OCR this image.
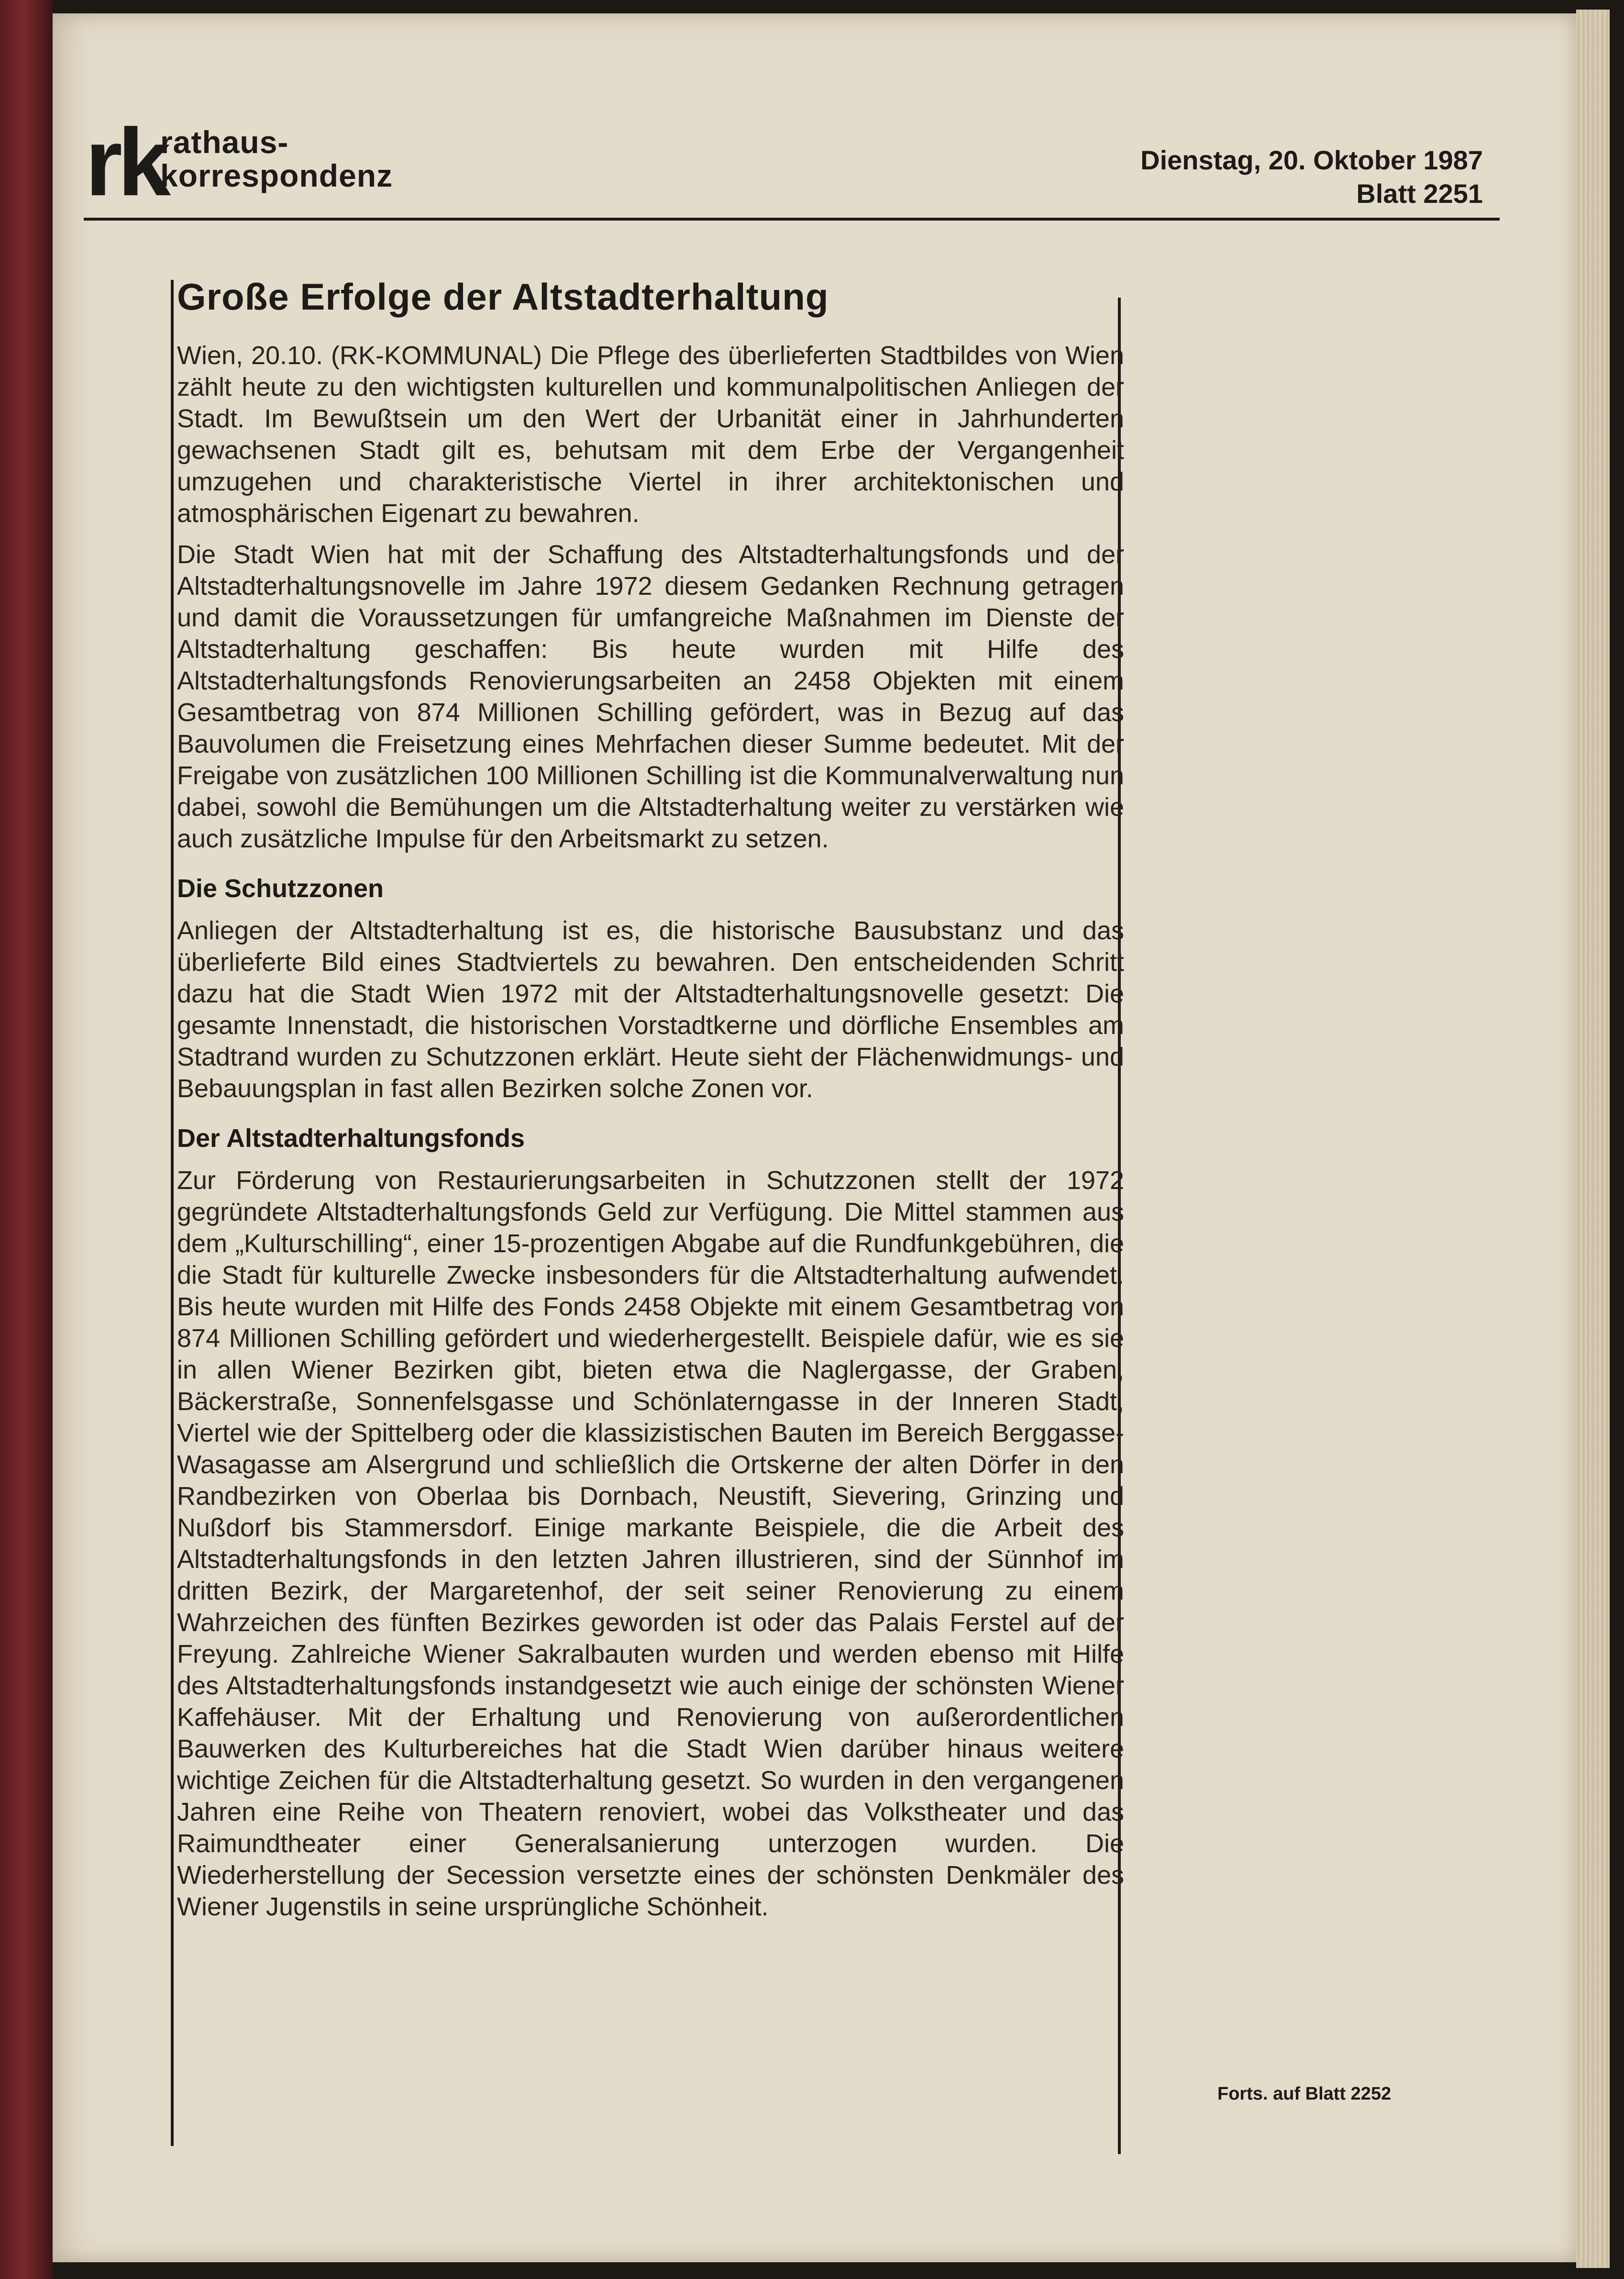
rk
rathaus-
korrespondenz	Dienstag, 20. Oktober 1987
Blatt 2251
Große Erfolge der Altstadterhaltung

Wien, 20.10. (RK-KOMMUNAL) Die Pflege des überlieferten Stadtbildes von Wien zählt heute zu den wichtigsten kulturellen und kommunalpolitischen Anliegen der Stadt. Im Bewußtsein um den Wert der Urbanität einer in Jahrhunderten gewachsenen Stadt gilt es, behutsam mit dem Erbe der Vergangenheit umzugehen und charakteristische Viertel in ihrer architektonischen und atmosphärischen Eigenart zu bewahren.

Die Stadt Wien hat mit der Schaffung des Altstadterhaltungsfonds und der Altstadterhaltungsnovelle im Jahre 1972 diesem Gedanken Rechnung getragen und damit die Voraussetzungen für umfangreiche Maßnahmen im Dienste der Altstadterhaltung geschaffen: Bis heute wurden mit Hilfe des Altstadterhaltungsfonds Renovierungsarbeiten an 2458 Objekten mit einem Gesamtbetrag von 874 Millionen Schilling gefördert, was in Bezug auf das Bauvolumen die Freisetzung eines Mehrfachen dieser Summe bedeutet. Mit der Freigabe von zusätzlichen 100 Millionen Schilling ist die Kommunalverwaltung nun dabei, sowohl die Bemühungen um die Altstadterhaltung weiter zu verstärken wie auch zusätzliche Impulse für den Arbeitsmarkt zu setzen.

Die Schutzzonen

Anliegen der Altstadterhaltung ist es, die historische Bausubstanz und das überlieferte Bild eines Stadtviertels zu bewahren. Den entscheidenden Schritt dazu hat die Stadt Wien 1972 mit der Altstadterhaltungsnovelle gesetzt: Die gesamte Innenstadt, die historischen Vorstadtkerne und dörfliche Ensembles am Stadtrand wurden zu Schutzzonen erklärt. Heute sieht der Flächenwidmungs- und Bebauungsplan in fast allen Bezirken solche Zonen vor.

Der Altstadterhaltungsfonds

Zur Förderung von Restaurierungsarbeiten in Schutzzonen stellt der 1972 gegründete Altstadterhaltungsfonds Geld zur Verfügung. Die Mittel stammen aus dem „Kulturschilling“, einer 15-prozentigen Abgabe auf die Rundfunkgebühren, die die Stadt für kulturelle Zwecke insbesonders für die Altstadterhaltung aufwendet. Bis heute wurden mit Hilfe des Fonds 2458 Objekte mit einem Gesamtbetrag von 874 Millionen Schilling gefördert und wiederhergestellt. Beispiele dafür, wie es sie in allen Wiener Bezirken gibt, bieten etwa die Naglergasse, der Graben, Bäckerstraße, Sonnenfelsgasse und Schönlaterngasse in der Inneren Stadt, Viertel wie der Spittelberg oder die klassizistischen Bauten im Bereich Berggasse-Wasagasse am Alsergrund und schließlich die Ortskerne der alten Dörfer in den Randbezirken von Oberlaa bis Dornbach, Neustift, Sievering, Grinzing und Nußdorf bis Stammersdorf. Einige markante Beispiele, die die Arbeit des Altstadterhaltungsfonds in den letzten Jahren illustrieren, sind der Sünnhof im dritten Bezirk, der Margaretenhof, der seit seiner Renovierung zu einem Wahrzeichen des fünften Bezirkes geworden ist oder das Palais Ferstel auf der Freyung. Zahlreiche Wiener Sakralbauten wurden und werden ebenso mit Hilfe des Altstadterhaltungsfonds instandgesetzt wie auch einige der schönsten Wiener Kaffehäuser. Mit der Erhaltung und Renovierung von außerordentlichen Bauwerken des Kulturbereiches hat die Stadt Wien darüber hinaus weitere wichtige Zeichen für die Altstadterhaltung gesetzt. So wurden in den vergangenen Jahren eine Reihe von Theatern renoviert, wobei das Volkstheater und das Raimundtheater einer Generalsanierung unterzogen wurden. Die Wiederherstellung der Secession versetzte eines der schönsten Denkmäler des Wiener Jugenstils in seine ursprüngliche Schönheit.

Forts. auf Blatt 2252
